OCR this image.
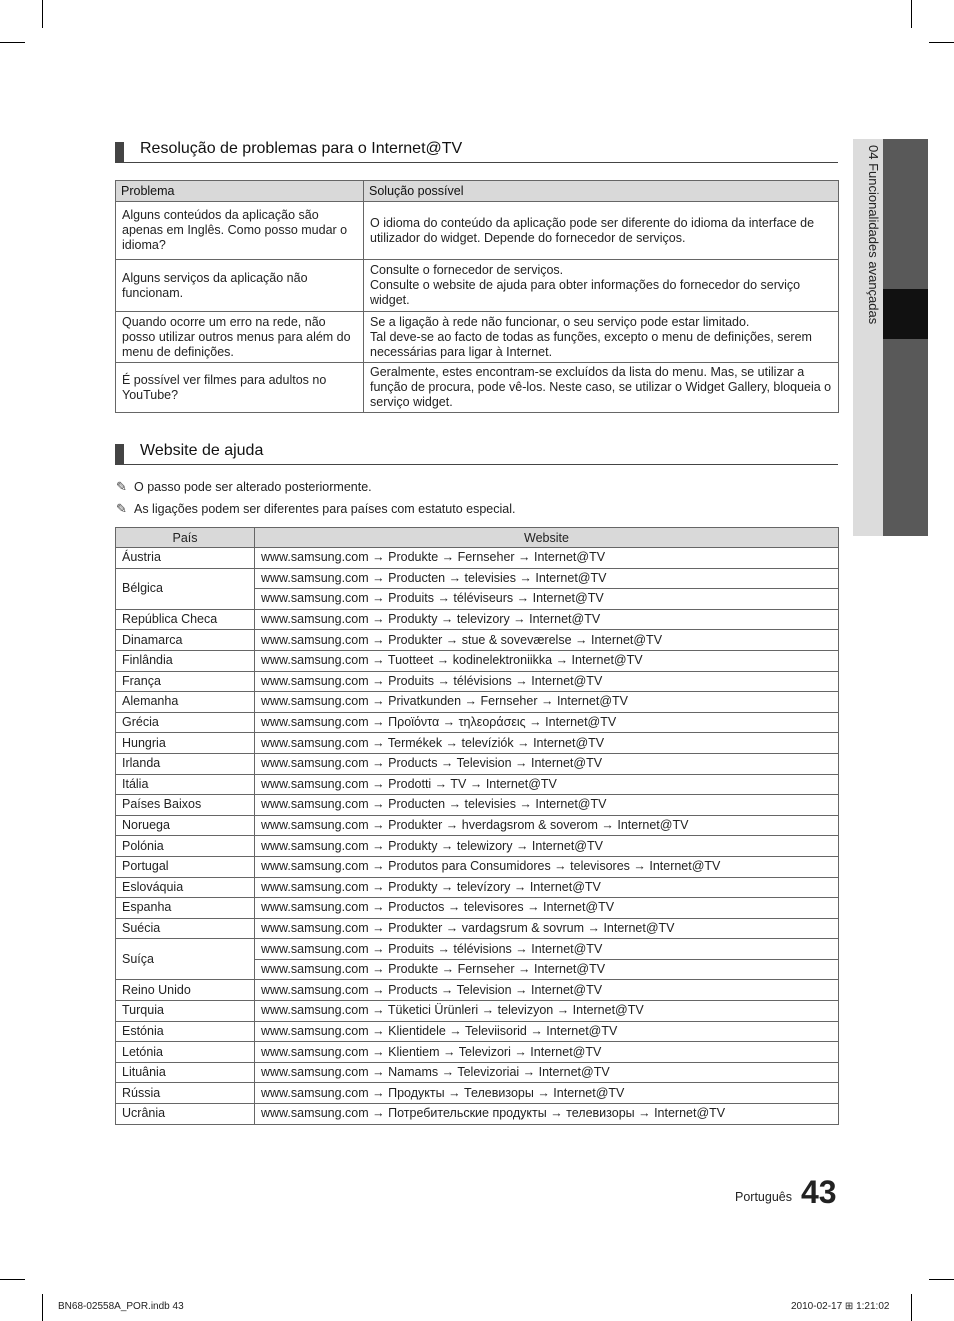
04 Funcionalidades avançadas
Resolução de problemas para o Internet@TV
Problema	Solução possível
Alguns conteúdos da aplicação são apenas em Inglês. Como posso mudar o idioma?	O idioma do conteúdo da aplicação pode ser diferente do idioma da interface de utilizador do widget. Depende do fornecedor de serviços.

Alguns serviços da aplicação não funcionam.	Consulte o fornecedor de serviços.
Consulte o website de ajuda para obter informações do fornecedor do serviço widget.

Quando ocorre um erro na rede, não posso utilizar outros menus para além do menu de definições.	Se a ligação à rede não funcionar, o seu serviço pode estar limitado.
Tal deve-se ao facto de todas as funções, excepto o menu de definições, serem necessárias para ligar à Internet.

É possível ver filmes para adultos no YouTube?	Geralmente, estes encontram-se excluídos da lista do menu. Mas, se utilizar a função de procura, pode vê-los. Neste caso, se utilizar o Widget Gallery, bloqueia o serviço widget.
Website de ajuda
✎ O passo pode ser alterado posteriormente.
✎ As ligações podem ser diferentes para países com estatuto especial.
País	Website
Áustria	www.samsung.com → Produkte → Fernseher → Internet@TV
Bélgica	www.samsung.com → Producten → televisies → Internet@TV
	www.samsung.com → Produits → téléviseurs → Internet@TV
República Checa	www.samsung.com → Produkty → televizory → Internet@TV
Dinamarca	www.samsung.com → Produkter → stue & soveværelse → Internet@TV
Finlândia	www.samsung.com → Tuotteet → kodinelektroniikka → Internet@TV
França	www.samsung.com → Produits → télévisions → Internet@TV
Alemanha	www.samsung.com → Privatkunden → Fernseher → Internet@TV
Grécia	www.samsung.com → Προϊόντα → τηλεοράσεις → Internet@TV
Hungria	www.samsung.com → Termékek → televíziók → Internet@TV
Irlanda	www.samsung.com → Products → Television → Internet@TV
Itália	www.samsung.com → Prodotti → TV → Internet@TV
Países Baixos	www.samsung.com → Producten → televisies → Internet@TV
Noruega	www.samsung.com → Produkter → hverdagsrom & soverom → Internet@TV
Polónia	www.samsung.com → Produkty → telewizory → Internet@TV
Portugal	www.samsung.com → Produtos para Consumidores → televisores → Internet@TV
Eslováquia	www.samsung.com → Produkty → televízory → Internet@TV
Espanha	www.samsung.com → Productos → televisores → Internet@TV
Suécia	www.samsung.com → Produkter → vardagsrum & sovrum → Internet@TV
Suíça	www.samsung.com → Produits → télévisions → Internet@TV
	www.samsung.com → Produkte → Fernseher → Internet@TV
Reino Unido	www.samsung.com → Products → Television → Internet@TV
Turquia	www.samsung.com → Tüketici Ürünleri → televizyon → Internet@TV
Estónia	www.samsung.com → Klientidele → Televiisorid → Internet@TV
Letónia	www.samsung.com → Klientiem → Televizori → Internet@TV
Lituânia	www.samsung.com → Namams → Televizoriai → Internet@TV
Rússia	www.samsung.com → Продукты → Телевизоры → Internet@TV
Ucrânia	www.samsung.com → Потребительские продукты → телевизоры → Internet@TV
Português 43
BN68-02558A_POR.indb 43	2010-02-17 ⊞ 1:21:02
